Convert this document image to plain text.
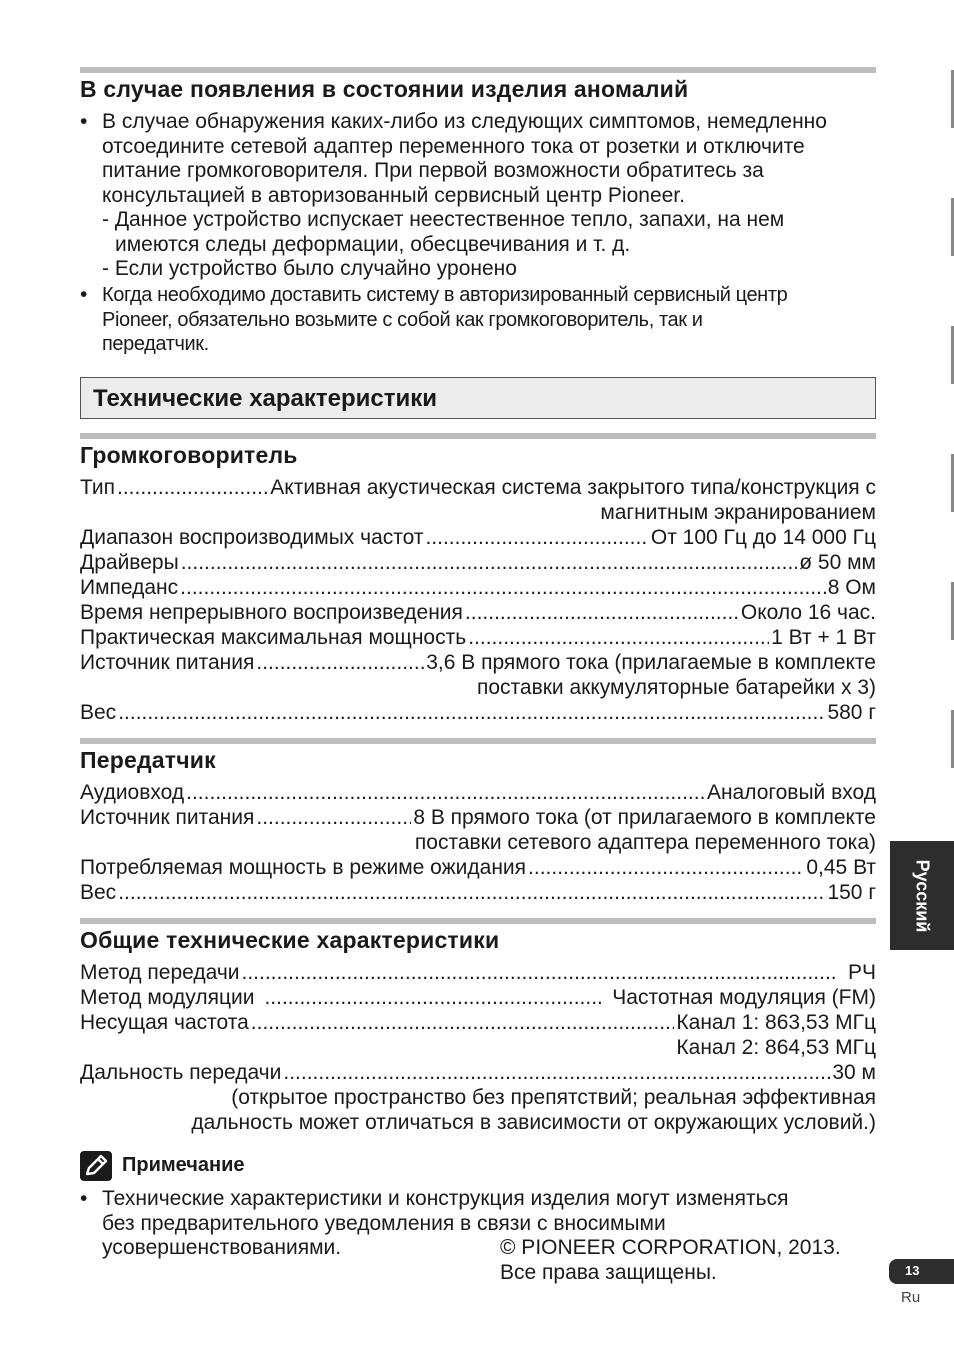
В случае появления в состоянии изделия аномалий
• В случае обнаружения каких-либо из следующих симптомов, немедленно
отсоедините сетевой адаптер переменного тока от розетки и отключите
питание громкоговорителя. При первой возможности обратитесь за
консультацией в авторизованный сервисный центр Pioneer.
- Данное устройство испускает неестественное тепло, запахи, на нем
имеются следы деформации, обесцвечивания и т. д.
- Если устройство было случайно уронено
• Когда необходимо доставить систему в авторизированный сервисный центр
Pioneer, обязательно возьмите с собой как громкоговоритель, так и
передатчик.
Технические характеристики
Громкоговоритель
Тип .....	Активная акустическая система закрытого типа/конструкция с
магнитным экранированием
Диапазон воспроизводимых частот .....	От 100 Гц до 14 000 Гц
Драйверы .....	ø 50 мм
Импеданс .....	8 Ом
Время непрерывного воспроизведения .....	Около 16 час.
Практическая максимальная мощность .....	1 Вт + 1 Вт
Источник питания .....	3,6 В прямого тока (прилагаемые в комплекте
поставки аккумуляторные батарейки x 3)
Вес .....	580 г
Передатчик
Аудиовход .....	Аналоговый вход
Источник питания .....	8 В прямого тока (от прилагаемого в комплекте
поставки сетевого адаптера переменного тока)
Потребляемая мощность в режиме ожидания .....	0,45 Вт
Вес .....	150 г
Общие технические характеристики
Метод передачи .....	РЧ
Метод модуляции .....	Частотная модуляция (FM)
Несущая частота .....	Канал 1: 863,53 МГц
Канал 2: 864,53 МГц
Дальность передачи .....	30 м
(открытое пространство без препятствий; реальная эффективная
дальность может отличаться в зависимости от окружающих условий.)
Примечание
• Технические характеристики и конструкция изделия могут изменяться
без предварительного уведомления в связи с вносимыми
усовершенствованиями.	© PIONEER CORPORATION, 2013.
Все права защищены.
Русский
13
Ru
